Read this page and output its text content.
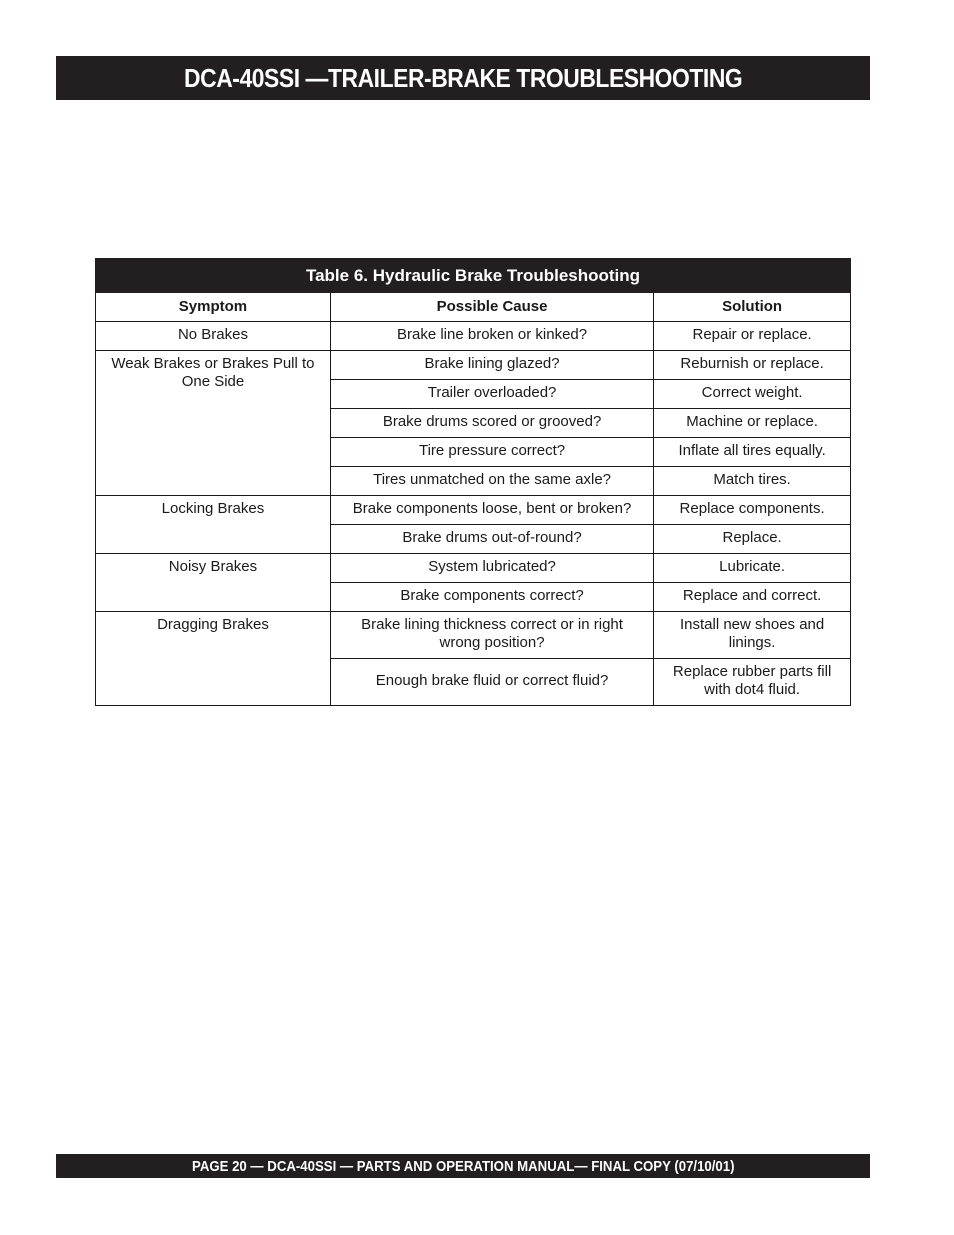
DCA-40SSI —TRAILER-BRAKE TROUBLESHOOTING
Table 6. Hydraulic Brake Troubleshooting		
Symptom	Possible Cause	Solution
No Brakes	Brake line broken or kinked?	Repair or replace.
Weak Brakes or Brakes Pull to One Side	Brake lining glazed?	Reburnish or replace.
	Trailer overloaded?	Correct weight.
	Brake drums scored or grooved?	Machine or replace.
	Tire pressure correct?	Inflate all tires equally.
	Tires unmatched on the same axle?	Match tires.
Locking Brakes	Brake components loose, bent or broken?	Replace components.
	Brake drums out-of-round?	Replace.
Noisy Brakes	System lubricated?	Lubricate.
	Brake components correct?	Replace and correct.
Dragging Brakes	Brake lining thickness correct or in right wrong position?	Install new shoes and linings.
	Enough brake fluid or correct fluid?	Replace rubber parts fill with dot4 fluid.
PAGE 20 — DCA-40SSI — PARTS AND OPERATION MANUAL— FINAL COPY (07/10/01)
